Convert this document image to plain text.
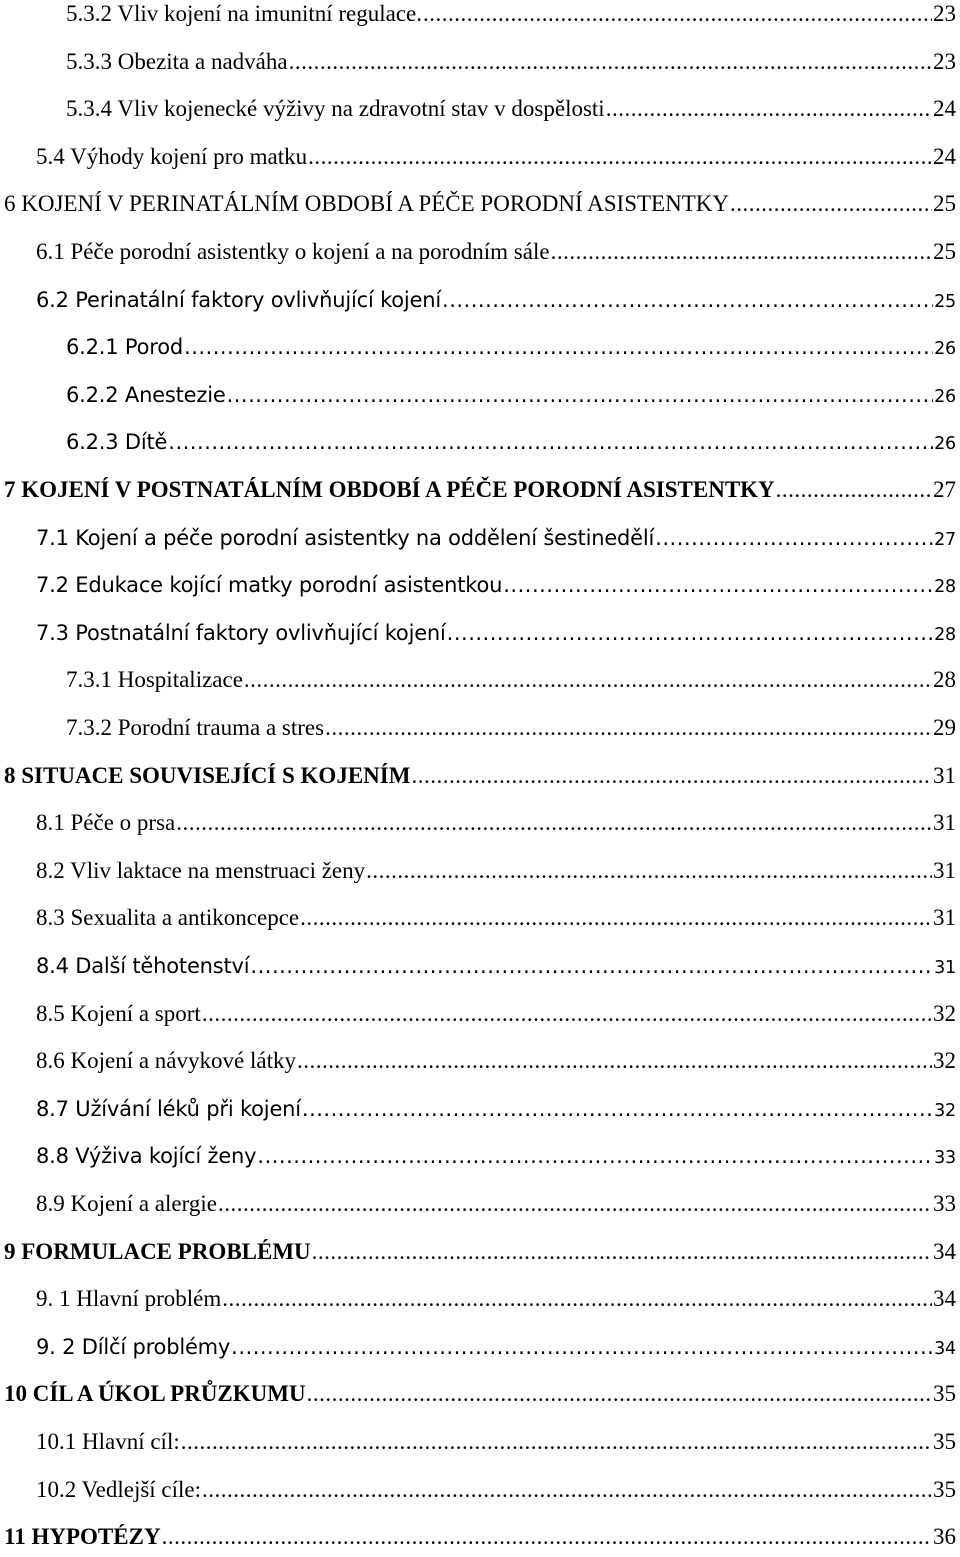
5.3.2 Vliv kojení na imunitní regulace. .....	23
5.3.3 Obezita a nadváha .....	23
5.3.4 Vliv kojenecké výživy na zdravotní stav v dospělosti .....	24
5.4 Výhody kojení pro matku .....	24
6 KOJENÍ V PERINATÁLNÍM OBDOBÍ A PÉČE PORODNÍ ASISTENTKY .....	25
6.1 Péče porodní asistentky o kojení a na porodním sále .....	25
6.2 Perinatální faktory ovlivňující kojení .....	25
6.2.1 Porod .....	26
6.2.2 Anestezie .....	26
6.2.3 Dítě .....	26
7 KOJENÍ V POSTNATÁLNÍM OBDOBÍ A PÉČE PORODNÍ ASISTENTKY .....	27
7.1 Kojení a péče porodní asistentky na oddělení šestinedělí .....	27
7.2 Edukace kojící matky porodní asistentkou .....	28
7.3 Postnatální faktory ovlivňující kojení .....	28
7.3.1 Hospitalizace .....	28
7.3.2 Porodní trauma a stres .....	29
8 SITUACE SOUVISEJÍCÍ S KOJENÍM .....	31
8.1 Péče o prsa .....	31
8.2 Vliv laktace na menstruaci ženy .....	31
8.3 Sexualita a antikoncepce .....	31
8.4 Další těhotenství .....	31
8.5 Kojení a sport .....	32
8.6 Kojení a návykové látky .....	32
8.7 Užívání léků při kojení .....	32
8.8 Výživa kojící ženy .....	33
8.9 Kojení a alergie .....	33
9 FORMULACE PROBLÉMU .....	34
9. 1 Hlavní problém .....	34
9. 2 Dílčí problémy .....	34
10 CÍL A ÚKOL PRŮZKUMU .....	35
10.1 Hlavní cíl: .....	35
10.2 Vedlejší cíle: .....	35
11 HYPOTÉZY .....	36
